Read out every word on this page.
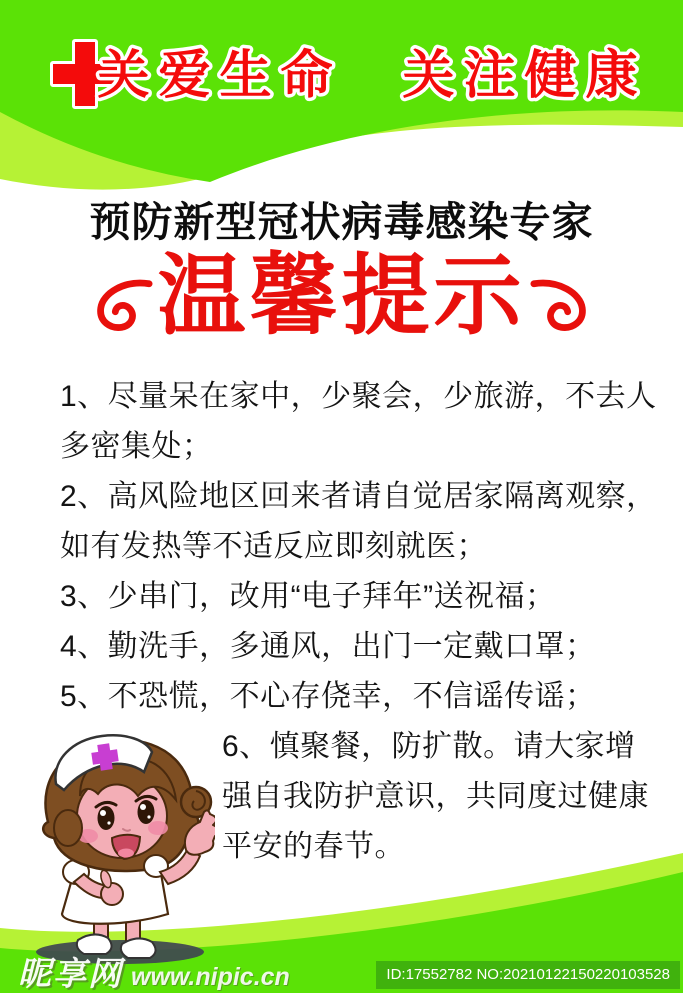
关爱生命　关注健康
预防新型冠状病毒感染专家
温馨提示
1、尽量呆在家中，少聚会，少旅游，不去人
多密集处；
2、高风险地区回来者请自觉居家隔离观察，
如有发热等不适反应即刻就医；
3、少串门，改用“电子拜年”送祝福；
4、勤洗手，多通风，出门一定戴口罩；
5、不恐慌，不心存侥幸，不信谣传谣；
6、慎聚餐，防扩散。请大家增
强自我防护意识，共同度过健康
平安的春节。
昵享网 www.nipic.cn	ID:17552782 NO:20210122150220103528
